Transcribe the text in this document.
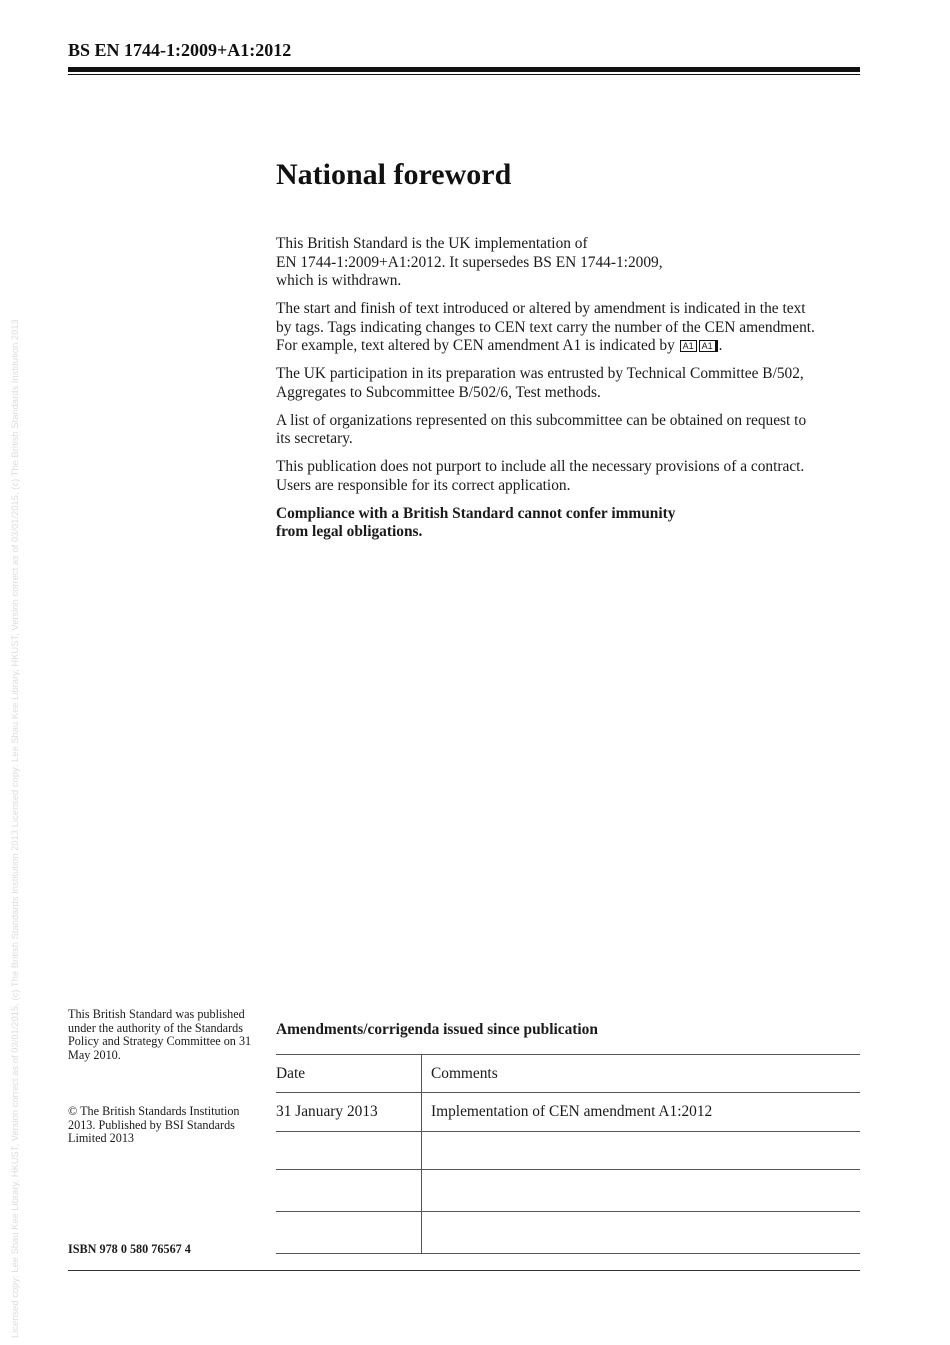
Licensed copy: Lee Shau Kee Library, HKUST, Version correct as of 03/01/2015, (c) The British Standards Institution 2013 Licensed copy: Lee Shau Kee Library, HKUST, Version correct as of 03/01/2015, (c) The British Standards Institution 2013
BS EN 1744-1:2009+A1:2012
National foreword

This British Standard is the UK implementation of
EN 1744-1:2009+A1:2012. It supersedes BS EN 1744-1:2009,
which is withdrawn.

The start and finish of text introduced or altered by amendment is indicated in the text by tags. Tags indicating changes to CEN text carry the number of the CEN amendment. For example, text altered by CEN amendment A1 is indicated by A1 A1 .

The UK participation in its preparation was entrusted by Technical Committee B/502, Aggregates to Subcommittee B/502/6, Test methods.

A list of organizations represented on this subcommittee can be obtained on request to its secretary.

This publication does not purport to include all the necessary provisions of a contract. Users are responsible for its correct application.

Compliance with a British Standard cannot confer immunity
from legal obligations.

This British Standard was published under the authority of the Standards Policy and Strategy Committee on 31 May 2010.
© The British Standards Institution 2013. Published by BSI Standards Limited 2013
ISBN 978 0 580 76567 4
Amendments/corrigenda issued since publication
Date	Comments
31 January 2013	Implementation of CEN amendment A1:2012
